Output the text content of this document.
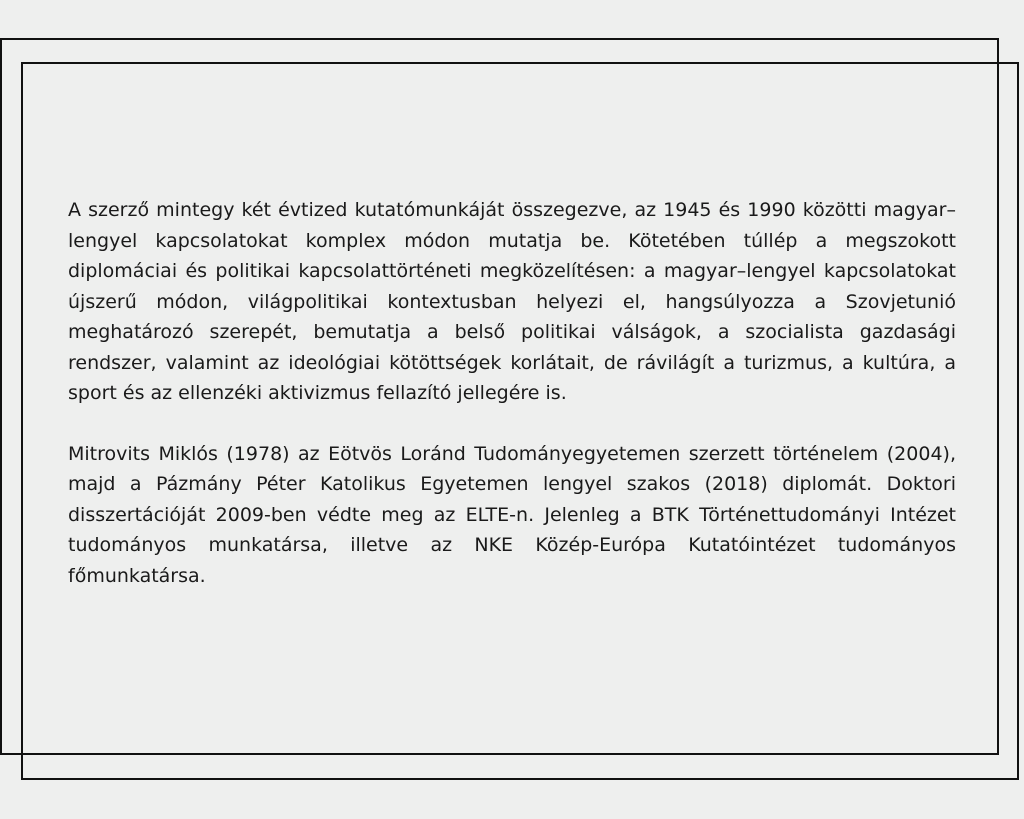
A szerző mintegy két évtized kutatómunkáját összegezve, az 1945 és 1990 közötti magyar–lengyel kapcsolatokat komplex módon mutatja be. Kötetében túllép a megszokott diplomáciai és politikai kapcsolattörténeti megközelítésen: a magyar–lengyel kapcsolatokat újszerű módon, világpolitikai kontextusban helyezi el, hangsúlyozza a Szovjetunió meghatározó szerepét, bemutatja a belső politikai válságok, a szocialista gazdasági rendszer, valamint az ideológiai kötöttségek korlátait, de rávilágít a turizmus, a kultúra, a sport és az ellenzéki aktivizmus fellazító jellegére is.

Mitrovits Miklós (1978) az Eötvös Loránd Tudományegyetemen szerzett történelem (2004), majd a Pázmány Péter Katolikus Egyetemen lengyel szakos (2018) diplomát. Doktori disszertációját 2009-ben védte meg az ELTE-n. Jelenleg a BTK Történettudományi Intézet tudományos munkatársa, illetve az NKE Közép-Európa Kutatóintézet tudományos főmunkatársa.
